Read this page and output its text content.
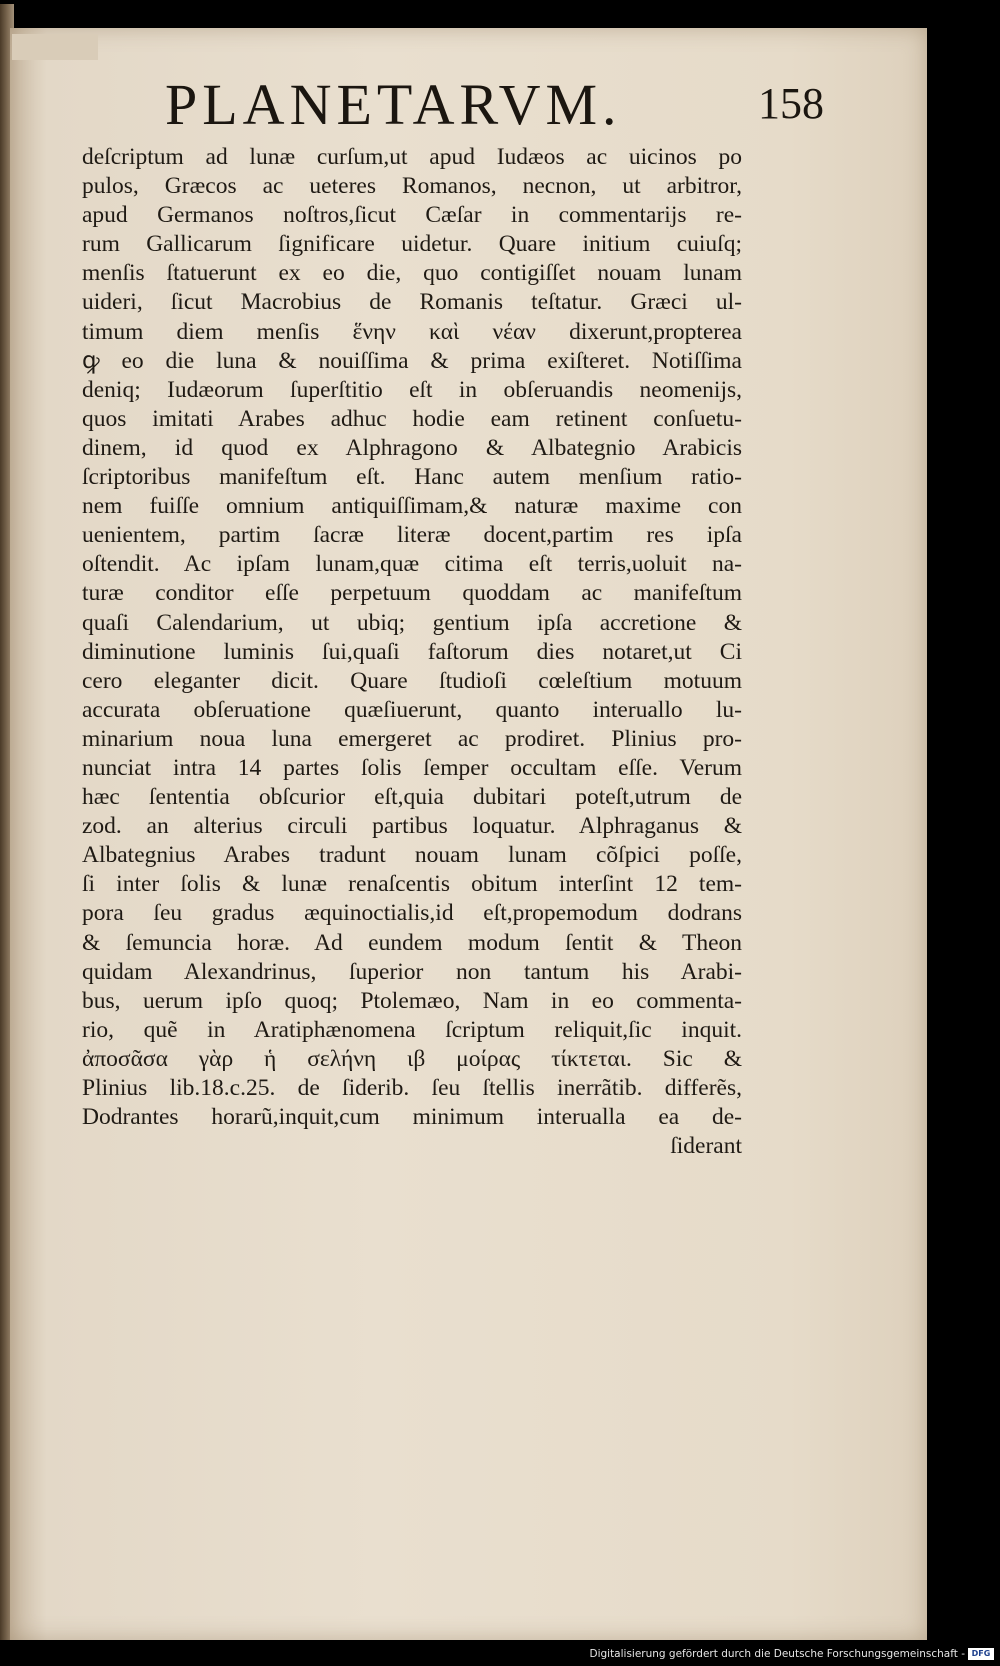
PLANETARVM.	158
deſcriptum ad lunæ curſum,ut apud Iudæos ac uicinos po
pulos, Græcos ac ueteres Romanos, necnon, ut arbitror,
apud Germanos noſtros,ſicut Cæſar in commentarijs re-
rum Gallicarum ſignificare uidetur. Quare initium cuiuſq;
menſis ſtatuerunt ex eo die, quo contigiſſet nouam lunam
uideri, ſicut Macrobius de Romanis teſtatur. Græci ul-
timum diem menſis ἕνην καὶ νέαν dixerunt,propterea
ꝙ eo die luna & nouiſſima & prima exiſteret. Notiſſima
deniq; Iudæorum ſuperſtitio eſt in obſeruandis neomenijs,
quos imitati Arabes adhuc hodie eam retinent conſuetu-
dinem, id quod ex Alphragono & Albategnio Arabicis
ſcriptoribus manifeſtum eſt. Hanc autem menſium ratio-
nem fuiſſe omnium antiquiſſimam,& naturæ maxime con
uenientem, partim ſacræ literæ docent,partim res ipſa
oſtendit. Ac ipſam lunam,quæ citima eſt terris,uoluit na-
turæ conditor eſſe perpetuum quoddam ac manifeſtum
quaſi Calendarium, ut ubiq; gentium ipſa accretione &
diminutione luminis ſui,quaſi faſtorum dies notaret,ut Ci
cero eleganter dicit. Quare ſtudioſi cœleſtium motuum
accurata obſeruatione quæſiuerunt, quanto interuallo lu-
minarium noua luna emergeret ac prodiret. Plinius pro-
nunciat intra 14 partes ſolis ſemper occultam eſſe. Verum
hæc ſententia obſcurior eſt,quia dubitari poteſt,utrum de
zod. an alterius circuli partibus loquatur. Alphraganus &
Albategnius Arabes tradunt nouam lunam cõſpici poſſe,
ſi inter ſolis & lunæ renaſcentis obitum interſint 12 tem-
pora ſeu gradus æquinoctialis,id eſt,propemodum dodrans
& ſemuncia horæ. Ad eundem modum ſentit & Theon
quidam Alexandrinus, ſuperior non tantum his Arabi-
bus, uerum ipſo quoq; Ptolemæo, Nam in eo commenta-
rio, quẽ in Aratiphænomena ſcriptum reliquit,ſic inquit.
ἀποσᾶσα γὰρ ἡ σελήνη ιβ μοίρας τίκτεται. Sic &
Plinius lib.18.c.25. de ſiderib. ſeu ſtellis inerrãtib. differẽs,
Dodrantes horarũ,inquit,cum minimum interualla ea de-
ſiderant
Digitalisierung gefördert durch die Deutsche Forschungsgemeinschaft - DFG
